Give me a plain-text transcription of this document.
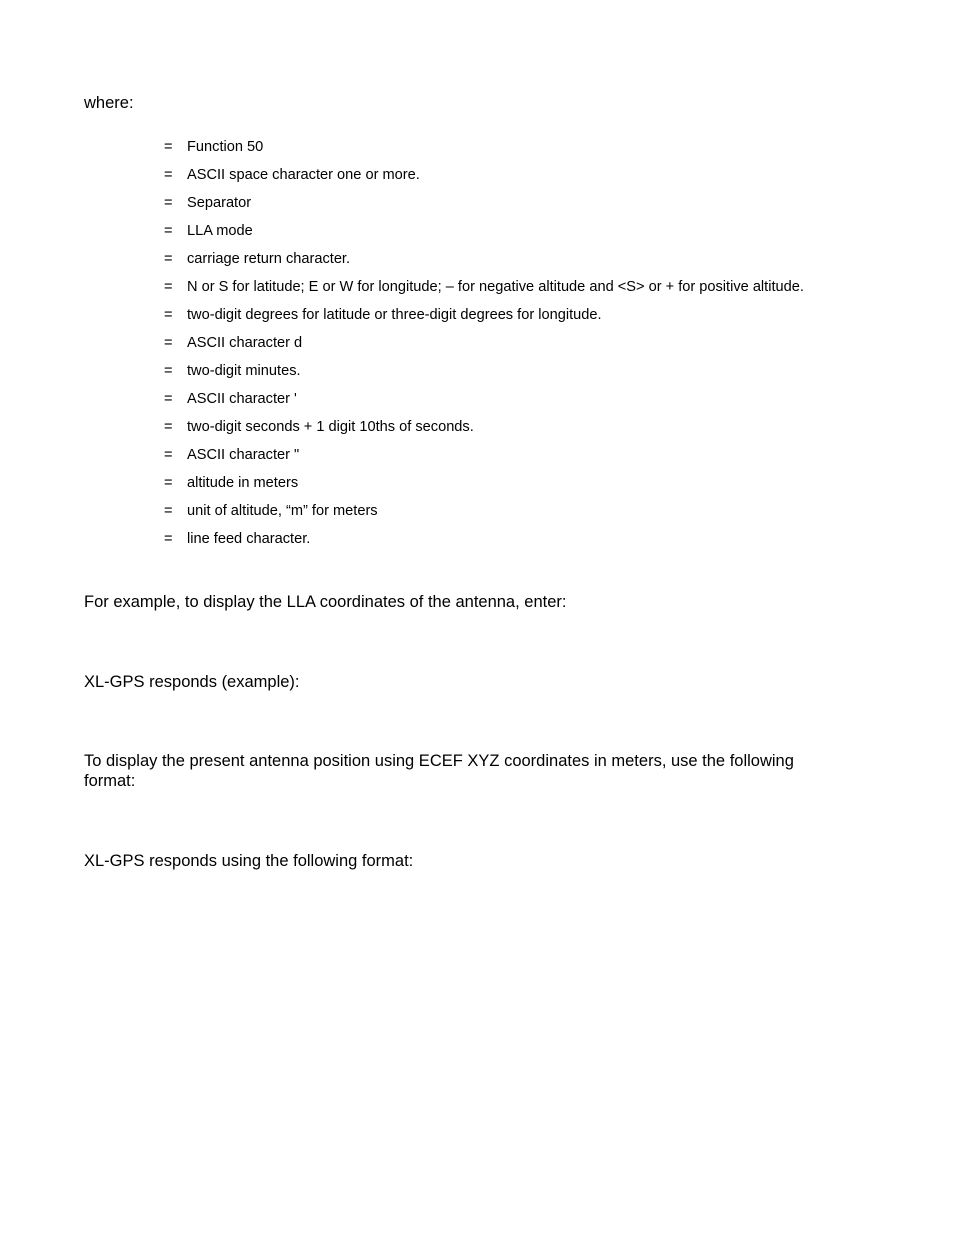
where:

= Function 50
= ASCII space character one or more.
= Separator
= LLA mode
= carriage return character.
= N or S for latitude; E or W for longitude; – for negative altitude and <S> or + for positive altitude.
= two-digit degrees for latitude or three-digit degrees for longitude.
= ASCII character d
= two-digit minutes.
= ASCII character '
= two-digit seconds + 1 digit 10ths of seconds.
= ASCII character "
= altitude in meters
= unit of altitude, “m” for meters
= line feed character.

For example, to display the LLA coordinates of the antenna, enter:

XL-GPS responds (example):

To display the present antenna position using ECEF XYZ coordinates in meters, use the following format:

XL-GPS responds using the following format:
